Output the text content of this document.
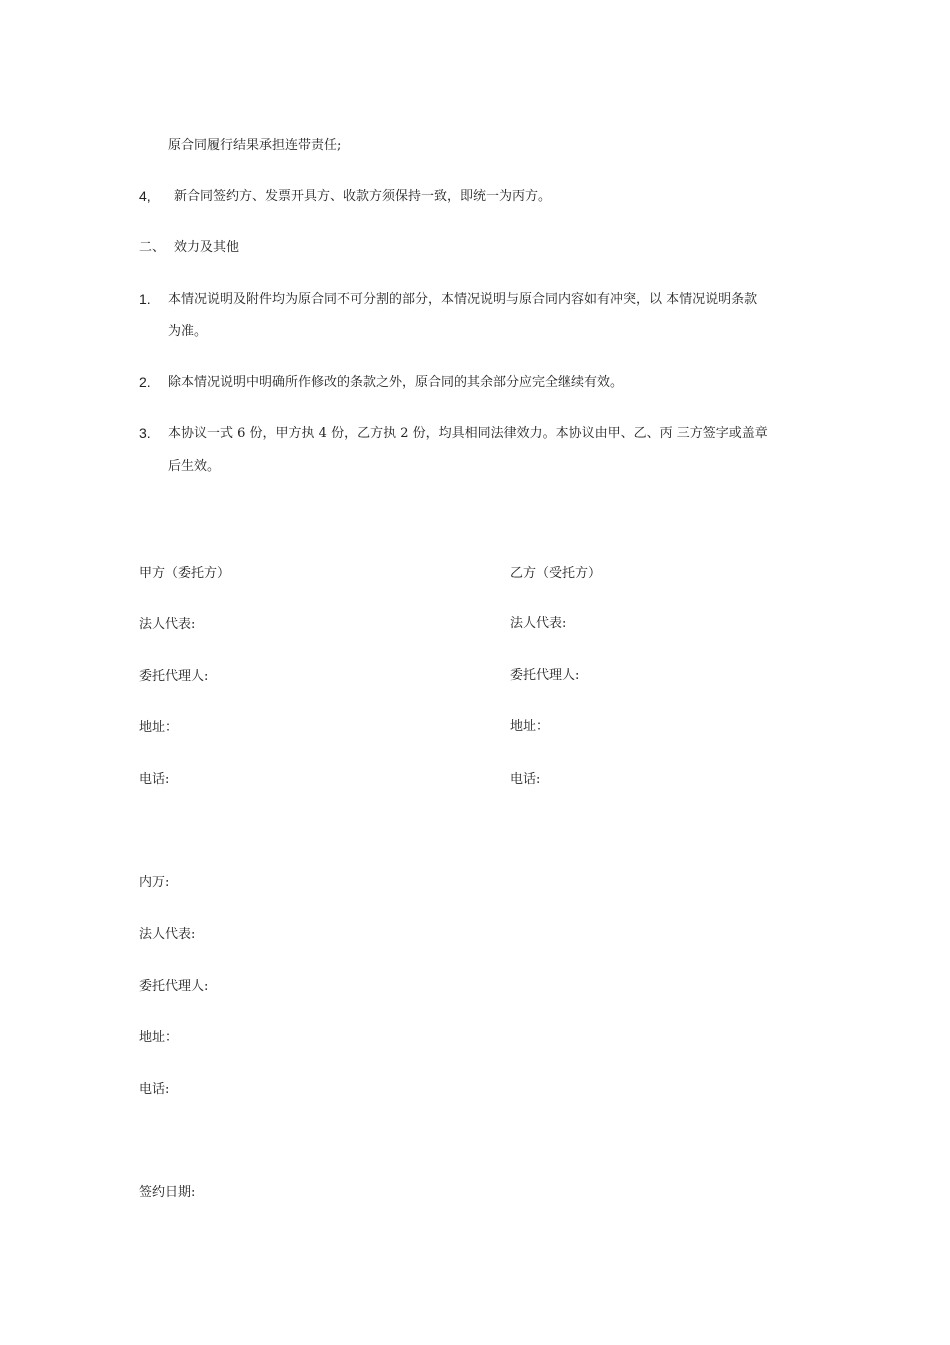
原合同履行结果承担连带责任;
4, 新合同签约方、发票开具方、收款方须保持一致，即统一为丙方。
二、 效力及其他
1. 本情况说明及附件均为原合同不可分割的部分，本情况说明与原合同内容如有冲突，以 本情况说明条款
为准。
2. 除本情况说明中明确所作修改的条款之外，原合同的其余部分应完全继续有效。
3. 本协议一式 6 份，甲方执 4 份，乙方执 2 份，均具相同法律效力。本协议由甲、乙、丙 三方签字或盖章
后生效。
甲方（委托方）
法人代表:
委托代理人:
地址：
电话:
乙方（受托方）
法人代表:
委托代理人:
地址：
电话:
内万:
法人代表:
委托代理人:
地址：
电话:
签约日期:
